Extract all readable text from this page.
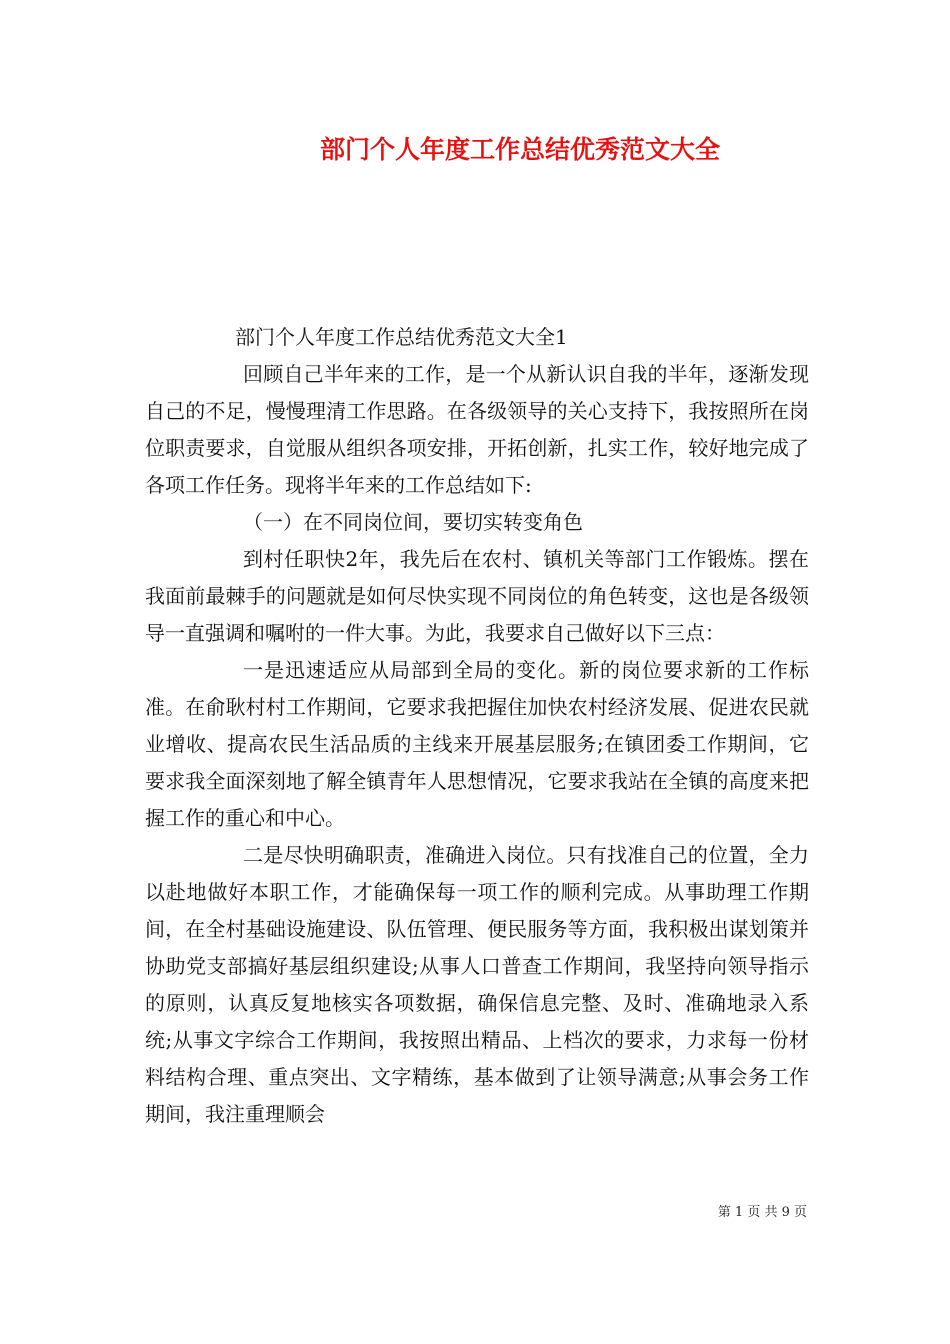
部门个人年度工作总结优秀范文大全

部门个人年度工作总结优秀范文大全1

回顾自己半年来的工作，是一个从新认识自我的半年，逐渐发现自己的不足，慢慢理清工作思路。在各级领导的关心支持下，我按照所在岗位职责要求，自觉服从组织各项安排，开拓创新，扎实工作，较好地完成了各项工作任务。现将半年来的工作总结如下:

（一）在不同岗位间，要切实转变角色

到村任职快2年，我先后在农村、镇机关等部门工作锻炼。摆在我面前最棘手的问题就是如何尽快实现不同岗位的角色转变，这也是各级领导一直强调和嘱咐的一件大事。为此，我要求自己做好以下三点：

一是迅速适应从局部到全局的变化。新的岗位要求新的工作标准。在俞耿村村工作期间，它要求我把握住加快农村经济发展、促进农民就业增收、提高农民生活品质的主线来开展基层服务;在镇团委工作期间，它要求我全面深刻地了解全镇青年人思想情况，它要求我站在全镇的高度来把握工作的重心和中心。

二是尽快明确职责，准确进入岗位。只有找准自己的位置，全力以赴地做好本职工作，才能确保每一项工作的顺利完成。从事助理工作期间，在全村基础设施建设、队伍管理、便民服务等方面，我积极出谋划策并协助党支部搞好基层组织建设;从事人口普查工作期间，我坚持向领导指示的原则，认真反复地核实各项数据，确保信息完整、及时、准确地录入系统;从事文字综合工作期间，我按照出精品、上档次的要求，力求每一份材料结构合理、重点突出、文字精练，基本做到了让领导满意;从事会务工作期间，我注重理顺会

第 1 页 共 9 页
